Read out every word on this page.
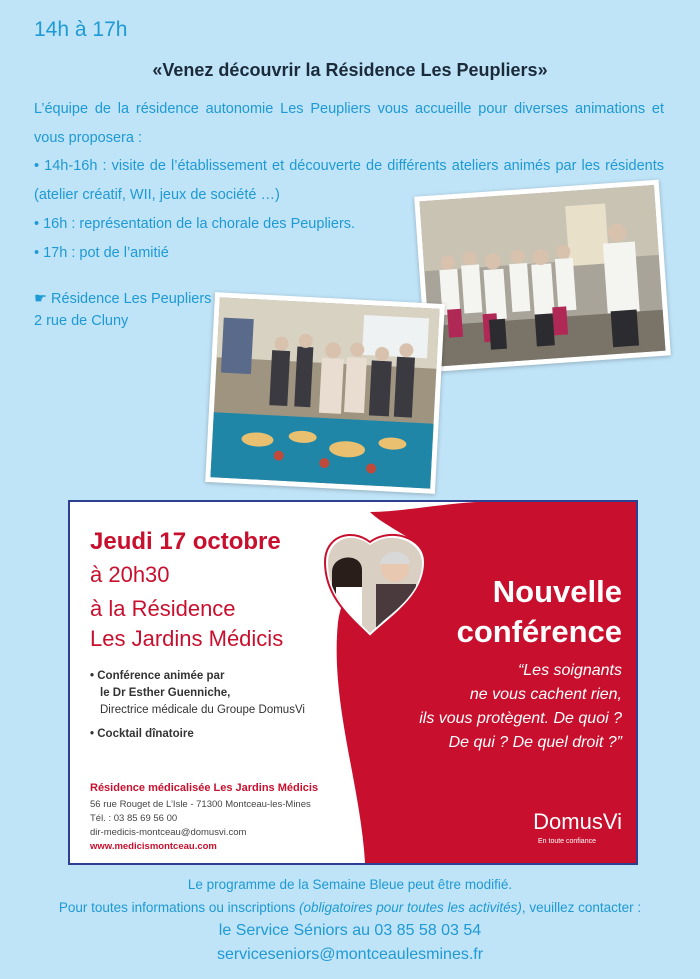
14h à 17h
«Venez découvrir la Résidence Les Peupliers»
L’équipe de la résidence autonomie Les Peupliers vous accueille pour diverses animations et vous proposera :
• 14h-16h : visite de l’établissement et découverte de différents ateliers animés par les résidents (atelier créatif, WII, jeux de société …)
• 16h : représentation de la chorale des Peupliers.
• 17h : pot de l’amitié
☛ Résidence Les Peupliers
2 rue de Cluny
Jeudi 17 octobre
à 20h30
à la Résidence
Les Jardins Médicis
• Conférence animée par
le Dr Esther Guenniche,
Directrice médicale du Groupe DomusVi
• Cocktail dînatoire
Résidence médicalisée Les Jardins Médicis
56 rue Rouget de L’Isle - 71300 Montceau-les-Mines
Tél. : 03 85 69 56 00
dir-medicis-montceau@domusvi.com
www.medicismontceau.com
Nouvelle
conférence
“Les soignants
ne vous cachent rien,
ils vous protègent. De quoi ?
De qui ? De quel droit ?”
DomusVi
En toute confiance
Le programme de la Semaine Bleue peut être modifié.
Pour toutes informations ou inscriptions (obligatoires pour toutes les activités), veuillez contacter :
le Service Séniors au 03 85 58 03 54
serviceseniors@montceaulesmines.fr
